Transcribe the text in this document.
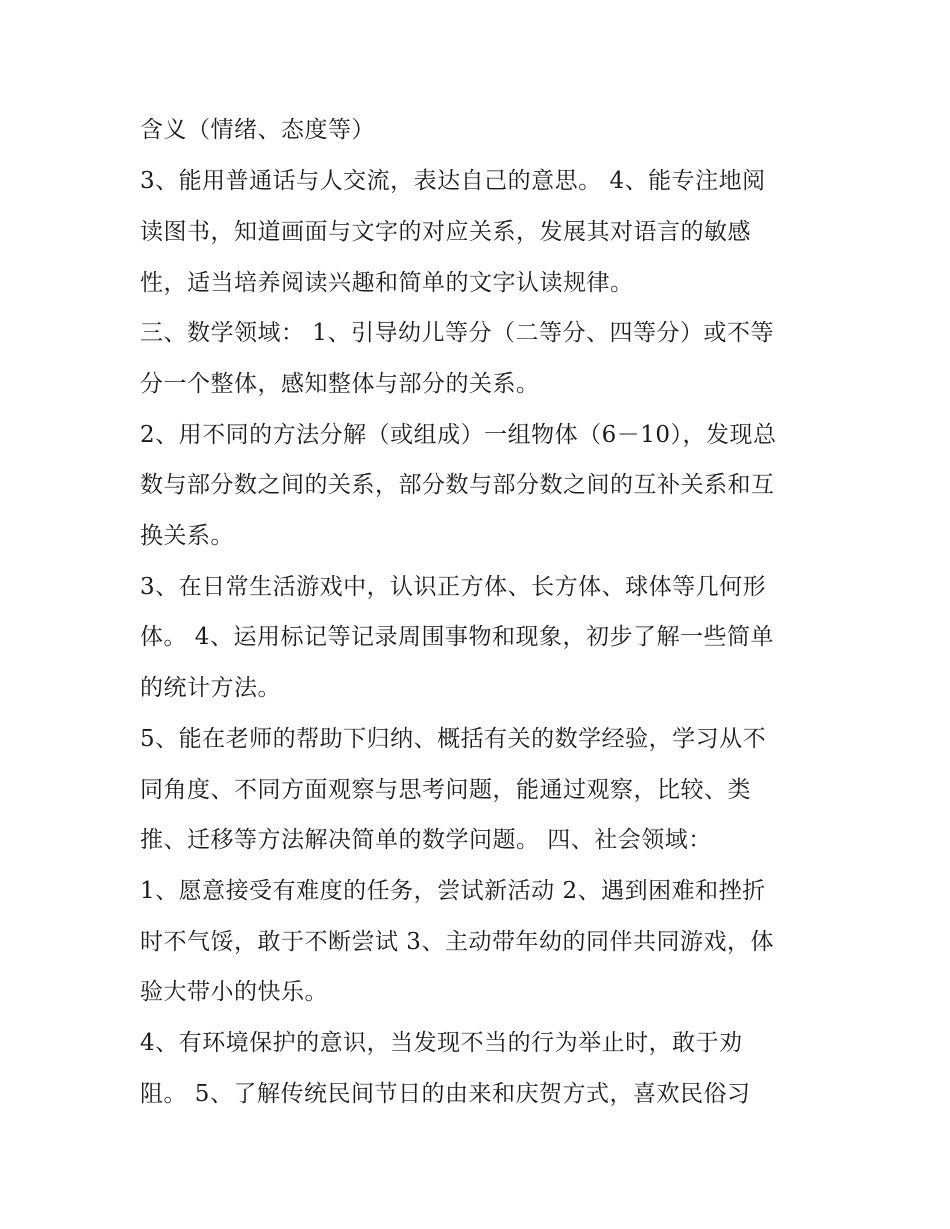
含义（情绪、态度等）
3、能用普通话与人交流，表达自己的意思。 4、能专注地阅
读图书，知道画面与文字的对应关系，发展其对语言的敏感
性，适当培养阅读兴趣和简单的文字认读规律。
三、数学领域： 1、引导幼儿等分（二等分、四等分）或不等
分一个整体，感知整体与部分的关系。
2、用不同的方法分解（或组成）一组物体（6－10），发现总
数与部分数之间的关系，部分数与部分数之间的互补关系和互
换关系。
3、在日常生活游戏中，认识正方体、长方体、球体等几何形
体。 4、运用标记等记录周围事物和现象，初步了解一些简单
的统计方法。
5、能在老师的帮助下归纳、概括有关的数学经验，学习从不
同角度、不同方面观察与思考问题，能通过观察，比较、类
推、迁移等方法解决简单的数学问题。 四、社会领域：
1、愿意接受有难度的任务，尝试新活动 2、遇到困难和挫折
时不气馁，敢于不断尝试 3、主动带年幼的同伴共同游戏，体
验大带小的快乐。
4、有环境保护的意识，当发现不当的行为举止时，敢于劝
阻。 5、了解传统民间节日的由来和庆贺方式，喜欢民俗习
